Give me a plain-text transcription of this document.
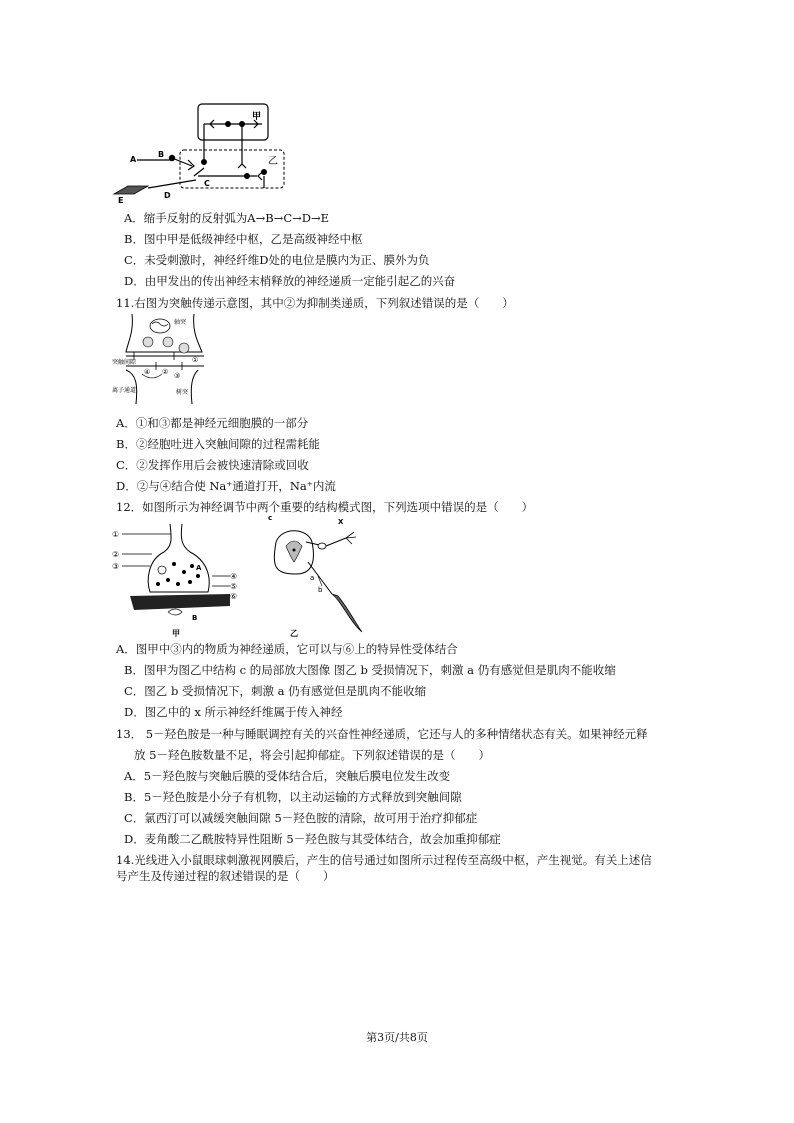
A
B
C
D
E
甲
乙
A．缩手反射的反射弧为A→B→C→D→E
B．图中甲是低级神经中枢，乙是高级神经中枢
C．未受刺激时，神经纤维D处的电位是膜内为正、膜外为负
D．由甲发出的传出神经末梢释放的神经递质一定能引起乙的兴奋
11.右图为突触传递示意图，其中②为抑制类递质，下列叙述错误的是（　　）
轴突
突触间隙
离子通道	树突
①
④ ② ③
A．①和③都是神经元细胞膜的一部分
B．②经胞吐进入突触间隙的过程需耗能
C．②发挥作用后会被快速清除或回收
D．②与④结合使 Na⁺通道打开，Na⁺内流
12．如图所示为神经调节中两个重要的结构模式图，下列选项中错误的是（　　）
①
②
③
④
⑤
⑥
A
B
甲
c	X
a
b
乙
A．图甲中③内的物质为神经递质，它可以与⑥上的特异性受体结合
B．图甲为图乙中结构 c 的局部放大图像 图乙 b 受损情况下，刺激 a 仍有感觉但是肌肉不能收缩
C．图乙 b 受损情况下，刺激 a 仍有感觉但是肌肉不能收缩
D．图乙中的 x 所示神经纤维属于传入神经
13． 5－羟色胺是一种与睡眠调控有关的兴奋性神经递质，它还与人的多种情绪状态有关。如果神经元释
放 5－羟色胺数量不足，将会引起抑郁症。下列叙述错误的是（　　）
A．5－羟色胺与突触后膜的受体结合后，突触后膜电位发生改变
B．5－羟色胺是小分子有机物，以主动运输的方式释放到突触间隙
C．氯西汀可以减缓突触间隙 5－羟色胺的清除，故可用于治疗抑郁症
D．麦角酸二乙酰胺特异性阻断 5－羟色胺与其受体结合，故会加重抑郁症
14.光线进入小鼠眼球刺激视网膜后，产生的信号通过如图所示过程传至高级中枢，产生视觉。有关上述信
号产生及传递过程的叙述错误的是（　　）
第3页/共8页
